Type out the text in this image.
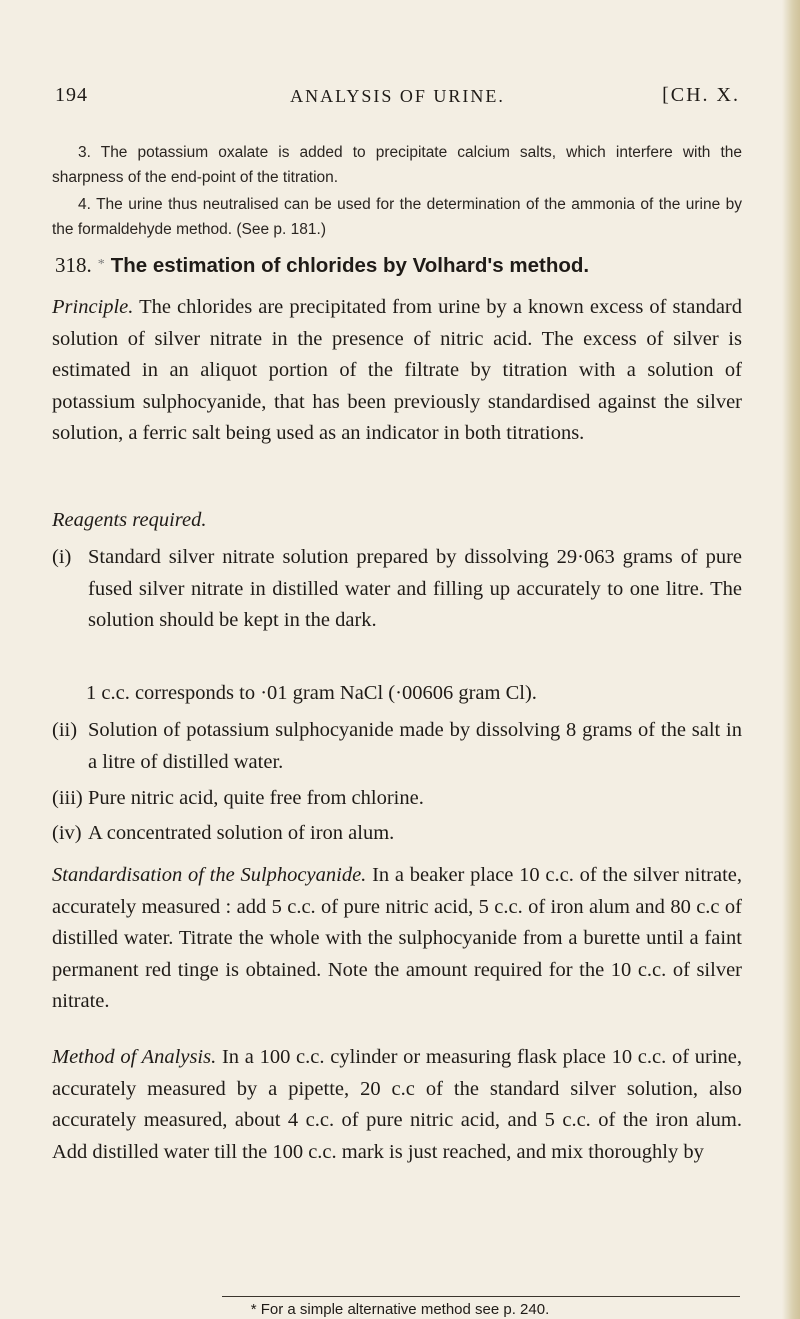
194	ANALYSIS OF URINE.	[CH. X.
3. The potassium oxalate is added to precipitate calcium salts, which interfere with the sharpness of the end-point of the titration.
4. The urine thus neutralised can be used for the determination of the ammonia of the urine by the formaldehyde method. (See p. 181.)
318. * The estimation of chlorides by Volhard's method.
Principle. The chlorides are precipitated from urine by a known excess of standard solution of silver nitrate in the presence of nitric acid. The excess of silver is estimated in an aliquot portion of the filtrate by titration with a solution of potassium sulphocyanide, that has been previously standardised against the silver solution, a ferric salt being used as an indicator in both titrations.
Reagents required.
(i) Standard silver nitrate solution prepared by dissolving 29·063 grams of pure fused silver nitrate in distilled water and filling up accurately to one litre. The solution should be kept in the dark.
1 c.c. corresponds to ·01 gram NaCl (·00606 gram Cl).
(ii) Solution of potassium sulphocyanide made by dissolving 8 grams of the salt in a litre of distilled water.
(iii) Pure nitric acid, quite free from chlorine.
(iv) A concentrated solution of iron alum.
Standardisation of the Sulphocyanide. In a beaker place 10 c.c. of the silver nitrate, accurately measured : add 5 c.c. of pure nitric acid, 5 c.c. of iron alum and 80 c.c of distilled water. Titrate the whole with the sulphocyanide from a burette until a faint permanent red tinge is obtained. Note the amount required for the 10 c.c. of silver nitrate.
Method of Analysis. In a 100 c.c. cylinder or measuring flask place 10 c.c. of urine, accurately measured by a pipette, 20 c.c of the standard silver solution, also accurately measured, about 4 c.c. of pure nitric acid, and 5 c.c. of the iron alum. Add distilled water till the 100 c.c. mark is just reached, and mix thoroughly by
* For a simple alternative method see p. 240.
